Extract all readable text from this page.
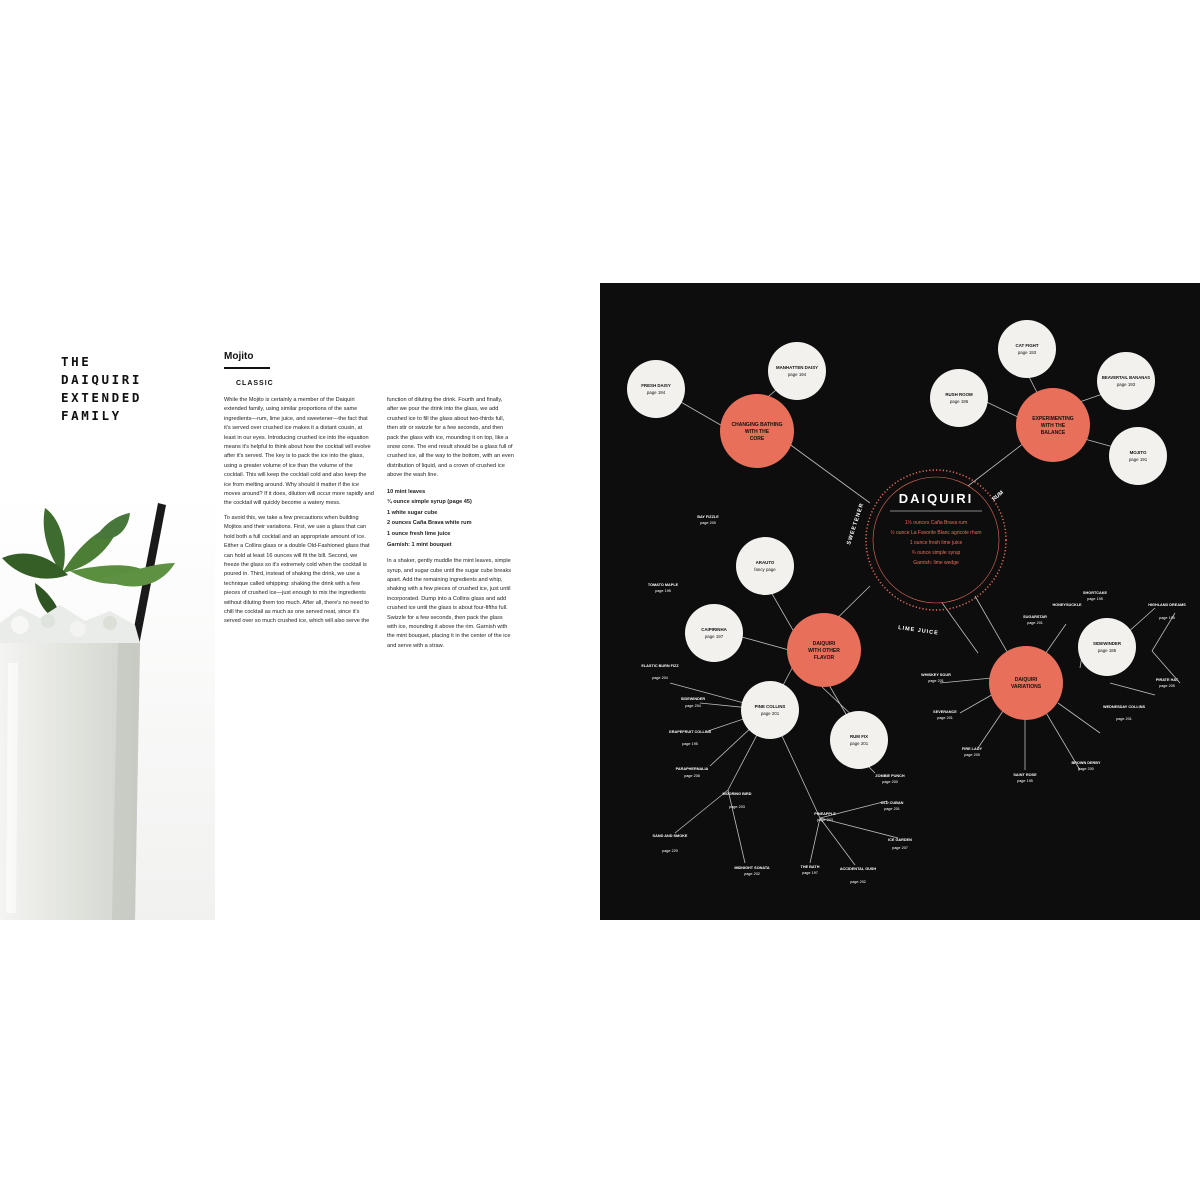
THE
DAIQUIRI
EXTENDED
FAMILY
Mojito
CLASSIC

While the Mojito is certainly a member of the Daiquiri extended family, using similar proportions of the same ingredients—rum, lime juice, and sweetener—the fact that it's served over crushed ice makes it a distant cousin, at least in our eyes. Introducing crushed ice into the equation means it's helpful to think about how the cocktail will evolve after it's served. The key is to pack the ice into the glass, using a greater volume of ice than the volume of the cocktail. This will keep the cocktail cold and also keep the ice from melting around. Why should it matter if the ice moves around? If it does, dilution will occur more rapidly and the cocktail will quickly become a watery mess.

To avoid this, we take a few precautions when building Mojitos and their variations. First, we use a glass that can hold both a full cocktail and an appropriate amount of ice. Either a Collins glass or a double Old-Fashioned glass that can hold at least 16 ounces will fit the bill. Second, we freeze the glass so it's extremely cold when the cocktail is poured in. Third, instead of shaking the drink, we use a technique called whipping: shaking the drink with a few pieces of crushed ice—just enough to mix the ingredients without diluting them too much. After all, there's no need to chill the cocktail as much as one served neat, since it's served over so much crushed ice, which will also serve the

function of diluting the drink. Fourth and finally, after we pour the drink into the glass, we add crushed ice to fill the glass about two-thirds full, then stir or swizzle for a few seconds, and then pack the glass with ice, mounding it on top, like a snow cone. The end result should be a glass full of crushed ice, all the way to the bottom, with an even distribution of liquid, and a crown of crushed ice above the wash line.

10 mint leaves
¾ ounce simple syrup (page 45)
1 white sugar cube
2 ounces Caña Brava white rum
1 ounce fresh lime juice
Garnish: 1 mint bouquet

In a shaker, gently muddle the mint leaves, simple syrup, and sugar cube until the sugar cube breaks apart. Add the remaining ingredients and whip, shaking with a few pieces of crushed ice, just until incorporated. Dump into a Collins glass and add crushed ice until the glass is about four-fifths full. Swizzle for a few seconds, then pack the glass with ice, mounding it above the rim. Garnish with the mint bouquet, placing it in the center of the ice and serve with a straw.

DAIQUIRI
1½ ounces Caña Brava rum
½ ounce La Favorite Blanc agricole rhum
1 ounce fresh lime juice
¾ ounce simple syrup
Garnish: lime wedge
SWEETENER
RUM
LIME JUICE
CHANGING BATHING
WITH THE
CORE
EXPERIMENTING
WITH THE
BALANCE
DAIQUIRI
WITH OTHER
FLAVOR
DAIQUIRI
VARIATIONS
FRESH DAISY
page 194
MANHATTEN DAISY
page 194
CAT FIGHT
page 193
BEAVERTAIL BANANAS
page 193
RUSH ROOM
page 195
MOJITO
page 191
ARAUTO
fancy page
CAIPIRINHA
page 197
RUM FIX
page 201
PINE COLLINS
page 201
SIDEWINDER
page 185
BAY FIZZLE
page 205
TOMATO MAPLE
page 195
ELASTIC BURN FIZZ
page 204
SIDEWINDER
page 204
GRAPEFRUIT COLLINS
page 195
PARAPHERNALIA
page 208
MOORING BIRD
page 203
SAND AND SMOKE
page 229
MIDNIGHT SONATA
page 202
PINEAPPLE
page 203
THE BATH
page 197
ACCIDENTAL GUSH
page 202
OLD CUBAN
page 201
ICE GARDEN
page 207
ZOMBIE PUNCH
page 200
SUGARSTAR
page 201
SHORTCAKE
page 195
HIGHLAND DREAMS
page 195
WHISKEY SOUR
page 201
SEVERANCE
page 201
WEDNESDAY COLLINS
page 201
FIRE LADY
page 205
SAINT ROSE
page 195
BROWN DERBY
page 200
HONEYSUCKLE
PIRATE HAT
page 205
